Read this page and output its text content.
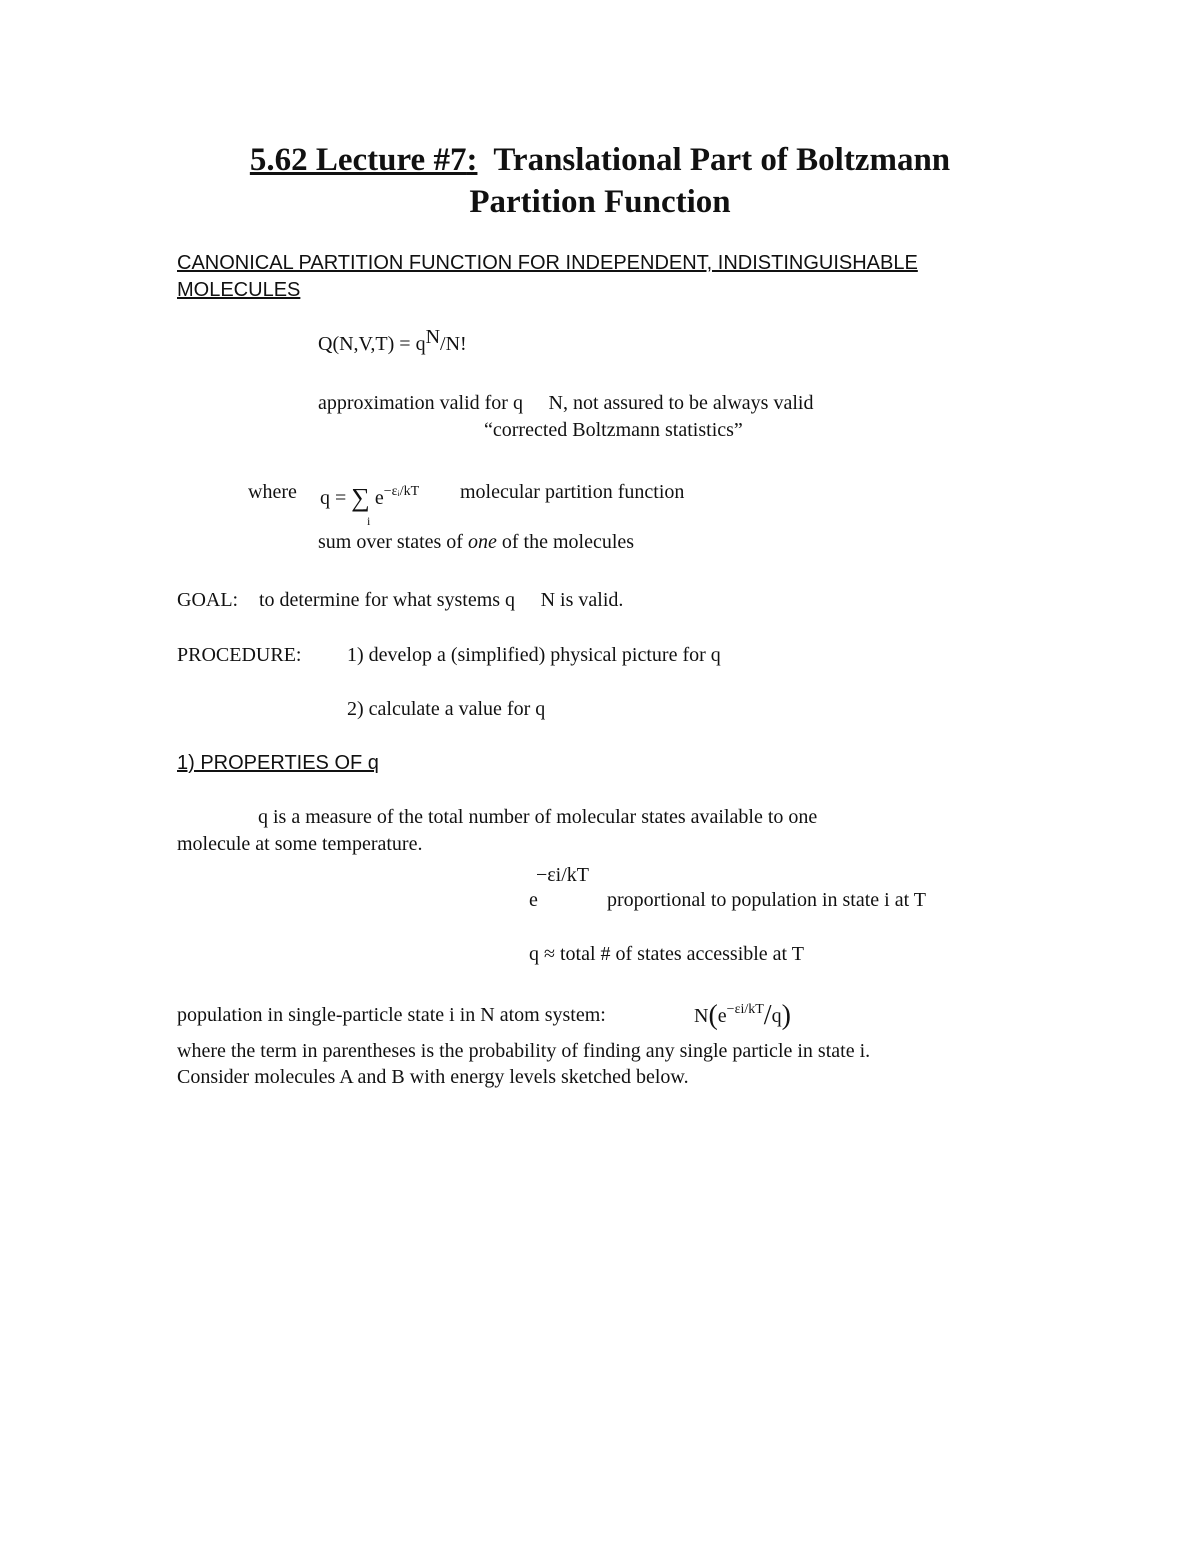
5.62 Lecture #7:  Translational Part of Boltzmann
Partition Function
CANONICAL PARTITION FUNCTION FOR INDEPENDENT, INDISTINGUISHABLE
MOLECULES
Q(N,V,T) = qN/N!
approximation valid for q   N, not assured to be always valid
“corrected Boltzmann statistics”
where q = ∑ $e^{-\varepsilon ᵢ/kT}$
i
molecular partition function
sum over states of one of the molecules
GOAL: to determine for what systems q   N is valid.
PROCEDURE: 1) develop a (simplified) physical picture for q
2) calculate a value for q
1) PROPERTIES OF q
q is a measure of the total number of molecular states available to one
molecule at some temperature.
−εi/kT
e	proportional to population in state i at T
q ≈ total # of states accessible at T
population in single-particle state i in N atom system:	$N(e^{-\varepsilon i/kT}/q)$
where the term in parentheses is the probability of finding any single particle in state i.
Consider molecules A and B with energy levels sketched below.
